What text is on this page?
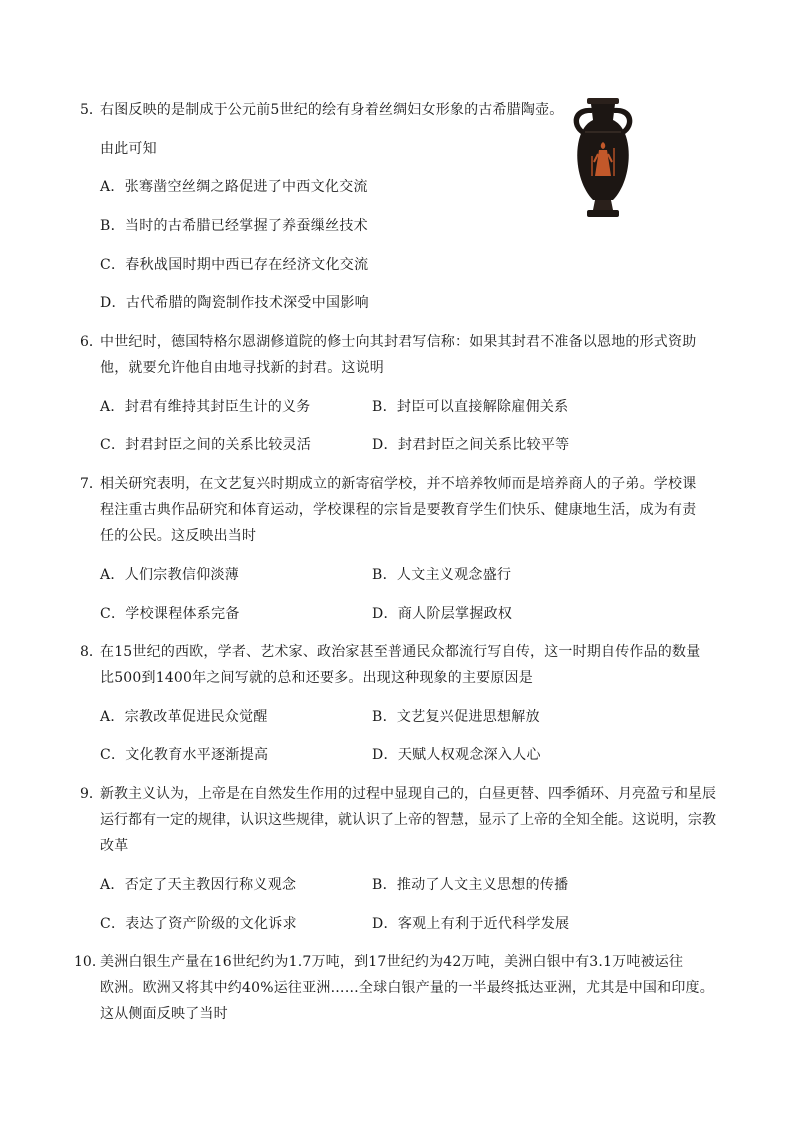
5．
右图反映的是制成于公元前5世纪的绘有身着丝绸妇女形象的古希腊陶壶。
由此可知
A．张骞凿空丝绸之路促进了中西文化交流
B．当时的古希腊已经掌握了养蚕缫丝技术
C．春秋战国时期中西已存在经济文化交流
D．古代希腊的陶瓷制作技术深受中国影响
6．
中世纪时，德国特格尔恩湖修道院的修士向其封君写信称：如果其封君不准备以恩地的形式资助
他，就要允许他自由地寻找新的封君。这说明
A．封君有维持其封臣生计的义务	B．封臣可以直接解除雇佣关系
C．封君封臣之间的关系比较灵活	D．封君封臣之间关系比较平等
7．
相关研究表明，在文艺复兴时期成立的新寄宿学校，并不培养牧师而是培养商人的子弟。学校课
程注重古典作品研究和体育运动，学校课程的宗旨是要教育学生们快乐、健康地生活，成为有责
任的公民。这反映出当时
A．人们宗教信仰淡薄	B．人文主义观念盛行
C．学校课程体系完备	D．商人阶层掌握政权
8．
在15世纪的西欧，学者、艺术家、政治家甚至普通民众都流行写自传，这一时期自传作品的数量
比500到1400年之间写就的总和还要多。出现这种现象的主要原因是
A．宗教改革促进民众觉醒	B．文艺复兴促进思想解放
C．文化教育水平逐渐提高	D．天赋人权观念深入人心
9．
新教主义认为，上帝是在自然发生作用的过程中显现自己的，白昼更替、四季循环、月亮盈亏和星辰
运行都有一定的规律，认识这些规律，就认识了上帝的智慧，显示了上帝的全知全能。这说明，宗教
改革
A．否定了天主教因行称义观念	B．推动了人文主义思想的传播
C．表达了资产阶级的文化诉求	D．客观上有利于近代科学发展
10．
美洲白银生产量在16世纪约为1.7万吨，到17世纪约为42万吨，美洲白银中有3.1万吨被运往
欧洲。欧洲又将其中约40%运往亚洲……全球白银产量的一半最终抵达亚洲，尤其是中国和印度。
这从侧面反映了当时
